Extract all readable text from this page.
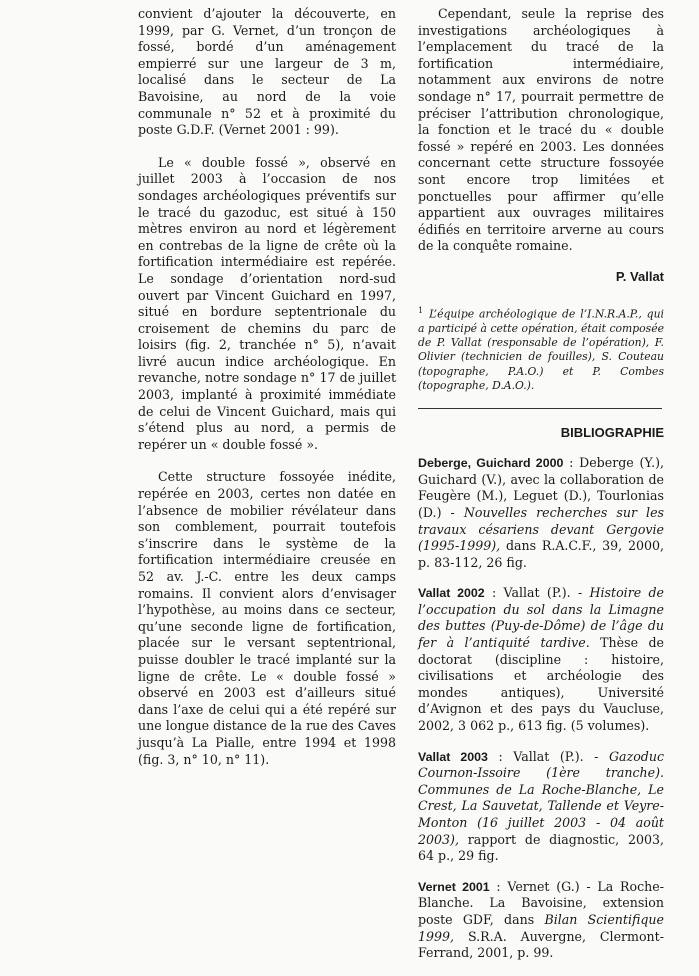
convient d’ajouter la découverte, en 1999, par G. Vernet, d’un tronçon de fossé, bordé d’un aménagement empierré sur une largeur de 3 m, localisé dans le secteur de La Bavoisine, au nord de la voie communale n° 52 et à proximité du poste G.D.F. (Vernet 2001 : 99).

Le « double fossé », observé en juillet 2003 à l’occasion de nos sondages archéologiques préventifs sur le tracé du gazoduc, est situé à 150 mètres environ au nord et légèrement en contrebas de la ligne de crête où la fortification intermédiaire est repérée. Le sondage d’orientation nord-sud ouvert par Vincent Guichard en 1997, situé en bordure septentrionale du croisement de chemins du parc de loisirs (fig. 2, tranchée n° 5), n’avait livré aucun indice archéologique. En revanche, notre sondage n° 17 de juillet 2003, implanté à proximité immédiate de celui de Vincent Guichard, mais qui s’étend plus au nord, a permis de repérer un « double fossé ».

Cette structure fossoyée inédite, repérée en 2003, certes non datée en l’absence de mobilier révélateur dans son comblement, pourrait toutefois s’inscrire dans le système de la fortification intermédiaire creusée en 52 av. J.-C. entre les deux camps romains. Il convient alors d’envisager l’hypothèse, au moins dans ce secteur, qu’une seconde ligne de fortification, placée sur le versant septentrional, puisse doubler le tracé implanté sur la ligne de crête. Le « double fossé » observé en 2003 est d’ailleurs situé dans l’axe de celui qui a été repéré sur une longue distance de la rue des Caves jusqu’à La Pialle, entre 1994 et 1998 (fig. 3, n° 10, n° 11).

Cependant, seule la reprise des investigations archéologiques à l’emplacement du tracé de la fortification intermédiaire, notamment aux environs de notre sondage n° 17, pourrait permettre de préciser l’attribution chronologique, la fonction et le tracé du « double fossé » repéré en 2003. Les données concernant cette structure fossoyée sont encore trop limitées et ponctuelles pour affirmer qu’elle appartient aux ouvrages militaires édifiés en territoire arverne au cours de la conquête romaine.

P. Vallat
$^1$ L’équipe archéologique de l’I.N.R.A.P., qui a participé à cette opération, était composée de P. Vallat (responsable de l’opération), F. Olivier (technicien de fouilles), S. Couteau (topographe, P.A.O.) et P. Combes (topographe, D.A.O.).
BIBLIOGRAPHIE
Deberge, Guichard 2000 : Deberge (Y.), Guichard (V.), avec la collaboration de Feugère (M.), Leguet (D.), Tourlonias (D.) - Nouvelles recherches sur les travaux césariens devant Gergovie (1995-1999), dans R.A.C.F., 39, 2000, p. 83-112, 26 fig.
Vallat 2002 : Vallat (P.). - Histoire de l’occupation du sol dans la Limagne des buttes (Puy-de-Dôme) de l’âge du fer à l’antiquité tardive. Thèse de doctorat (discipline : histoire, civilisations et archéologie des mondes antiques), Université d’Avignon et des pays du Vaucluse, 2002, 3 062 p., 613 fig. (5 volumes).
Vallat 2003 : Vallat (P.). - Gazoduc Cournon-Issoire (1ère tranche). Communes de La Roche-Blanche, Le Crest, La Sauvetat, Tallende et Veyre-Monton (16 juillet 2003 - 04 août 2003), rapport de diagnostic, 2003, 64 p., 29 fig.
Vernet 2001 : Vernet (G.) - La Roche-Blanche. La Bavoisine, extension poste GDF, dans Bilan Scientifique 1999, S.R.A. Auvergne, Clermont-Ferrand, 2001, p. 99.
